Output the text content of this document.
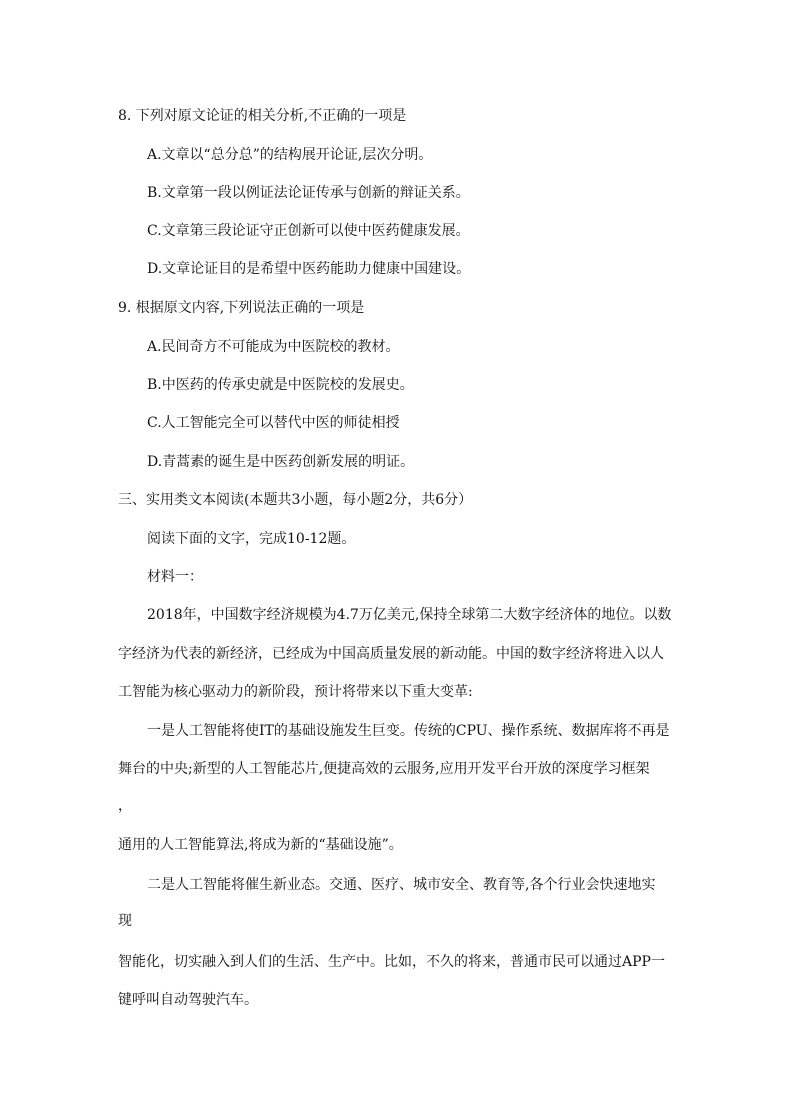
8. 下列对原文论证的相关分析,不正确的一项是
A.文章以“总分总”的结构展开论证,层次分明。
B.文章第一段以例证法论证传承与创新的辩证关系。
C.文章第三段论证守正创新可以使中医药健康发展。
D.文章论证目的是希望中医药能助力健康中国建设。
9. 根据原文内容,下列说法正确的一项是
A.民间奇方不可能成为中医院校的教材。
B.中医药的传承史就是中医院校的发展史。
C.人工智能完全可以替代中医的师徒相授
D.青蒿素的诞生是中医药创新发展的明证。
三、实用类文本阅读(本题共3小题，每小题2分，共6分）
阅读下面的文字，完成10-12题。
材料一：
2018年，中国数字经济规模为4.7万亿美元,保持全球第二大数字经济体的地位。以数
字经济为代表的新经济，已经成为中国高质量发展的新动能。中国的数字经济将进入以人
工智能为核心驱动力的新阶段，预计将带来以下重大变革:
一是人工智能将使IT的基础设施发生巨变。传统的CPU、操作系统、数据库将不再是
舞台的中央;新型的人工智能芯片,便捷高效的云服务,应用开发平台开放的深度学习框架
，
通用的人工智能算法,将成为新的“基础设施”。
二是人工智能将催生新业态。交通、医疗、城市安全、教育等,各个行业会快速地实
现
智能化，切实融入到人们的生活、生产中。比如，不久的将来，普通市民可以通过APP一
键呼叫自动驾驶汽车。
